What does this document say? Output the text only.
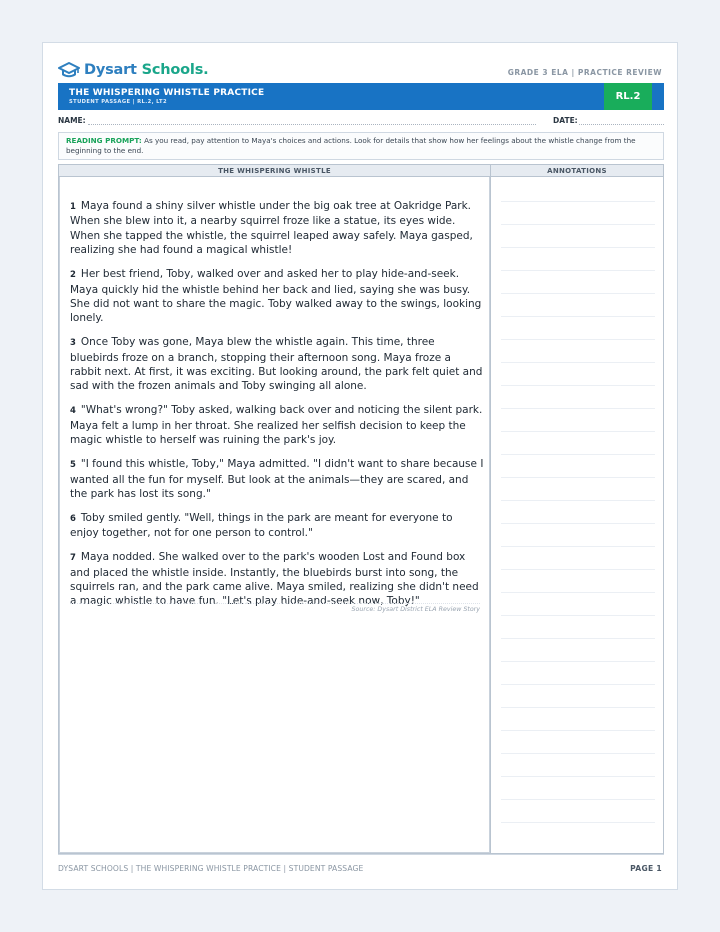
Dysart Schools.	GRADE 3 ELA | PRACTICE REVIEW
THE WHISPERING WHISTLE PRACTICE
STUDENT PASSAGE | RL.2, LT2	RL.2
NAME:	DATE:
READING PROMPT: As you read, pay attention to Maya's choices and actions. Look for details that show how her feelings about the whistle change from the beginning to the end.
THE WHISPERING WHISTLE	ANNOTATIONS

1 Maya found a shiny silver whistle under the big oak tree at Oakridge Park. When she blew into it, a nearby squirrel froze like a statue, its eyes wide. When she tapped the whistle, the squirrel leaped away safely. Maya gasped, realizing she had found a magical whistle!

2 Her best friend, Toby, walked over and asked her to play hide-and-seek. Maya quickly hid the whistle behind her back and lied, saying she was busy. She did not want to share the magic. Toby walked away to the swings, looking lonely.

3 Once Toby was gone, Maya blew the whistle again. This time, three bluebirds froze on a branch, stopping their afternoon song. Maya froze a rabbit next. At first, it was exciting. But looking around, the park felt quiet and sad with the frozen animals and Toby swinging all alone.

4 "What's wrong?" Toby asked, walking back over and noticing the silent park. Maya felt a lump in her throat. She realized her selfish decision to keep the magic whistle to herself was ruining the park's joy.

5 "I found this whistle, Toby," Maya admitted. "I didn't want to share because I wanted all the fun for myself. But look at the animals—they are scared, and the park has lost its song."

6 Toby smiled gently. "Well, things in the park are meant for everyone to enjoy together, not for one person to control."

7 Maya nodded. She walked over to the park's wooden Lost and Found box and placed the whistle inside. Instantly, the bluebirds burst into song, the squirrels ran, and the park came alive. Maya smiled, realizing she didn't need a magic whistle to have fun. "Let's play hide-and-seek now, Toby!"

Source: Dysart District ELA Review Story
DYSART SCHOOLS | THE WHISPERING WHISTLE PRACTICE | STUDENT PASSAGE	PAGE 1
